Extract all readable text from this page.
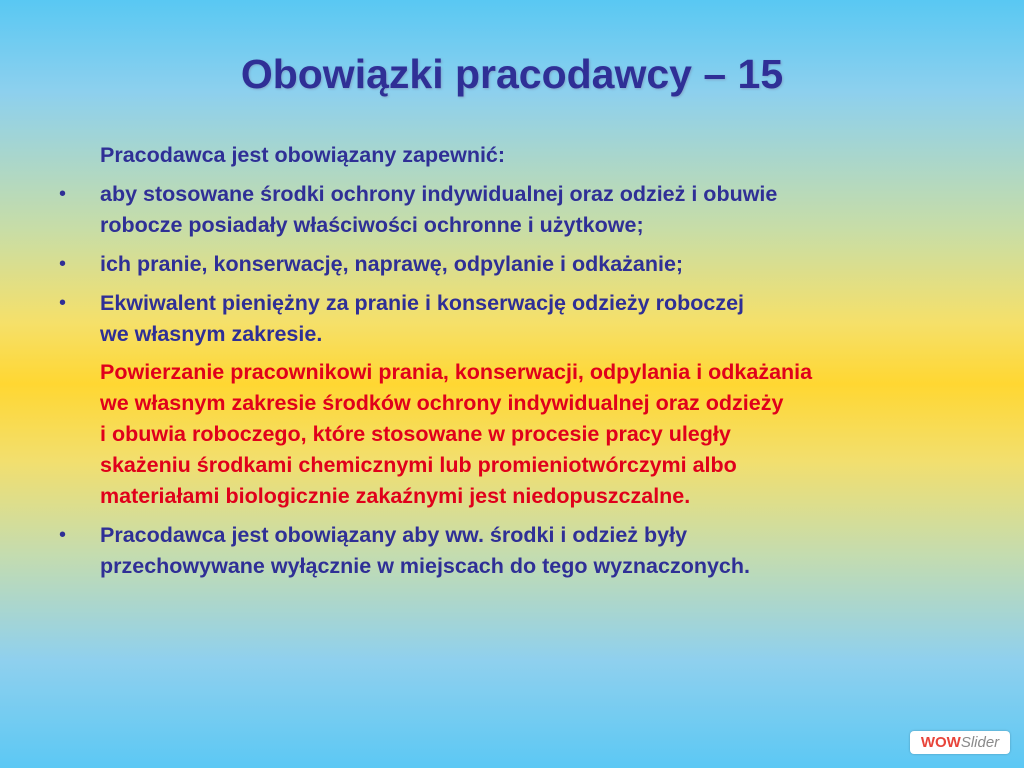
Obowiązki pracodawcy – 15
Pracodawca jest obowiązany zapewnić:
• aby stosowane środki ochrony indywidualnej oraz odzież i obuwie
robocze posiadały właściwości ochronne i użytkowe;
• ich pranie, konserwację, naprawę, odpylanie i odkażanie;
• Ekwiwalent pieniężny za pranie i konserwację odzieży roboczej
we własnym zakresie.
Powierzanie pracownikowi prania, konserwacji, odpylania i odkażania
we własnym zakresie środków ochrony indywidualnej oraz odzieży
i obuwia roboczego, które stosowane w procesie pracy uległy
skażeniu środkami chemicznymi lub promieniotwórczymi albo
materiałami biologicznie zakaźnymi jest niedopuszczalne.
• Pracodawca jest obowiązany aby ww. środki i odzież były
przechowywane wyłącznie w miejscach do tego wyznaczonych.
WOW Slider
